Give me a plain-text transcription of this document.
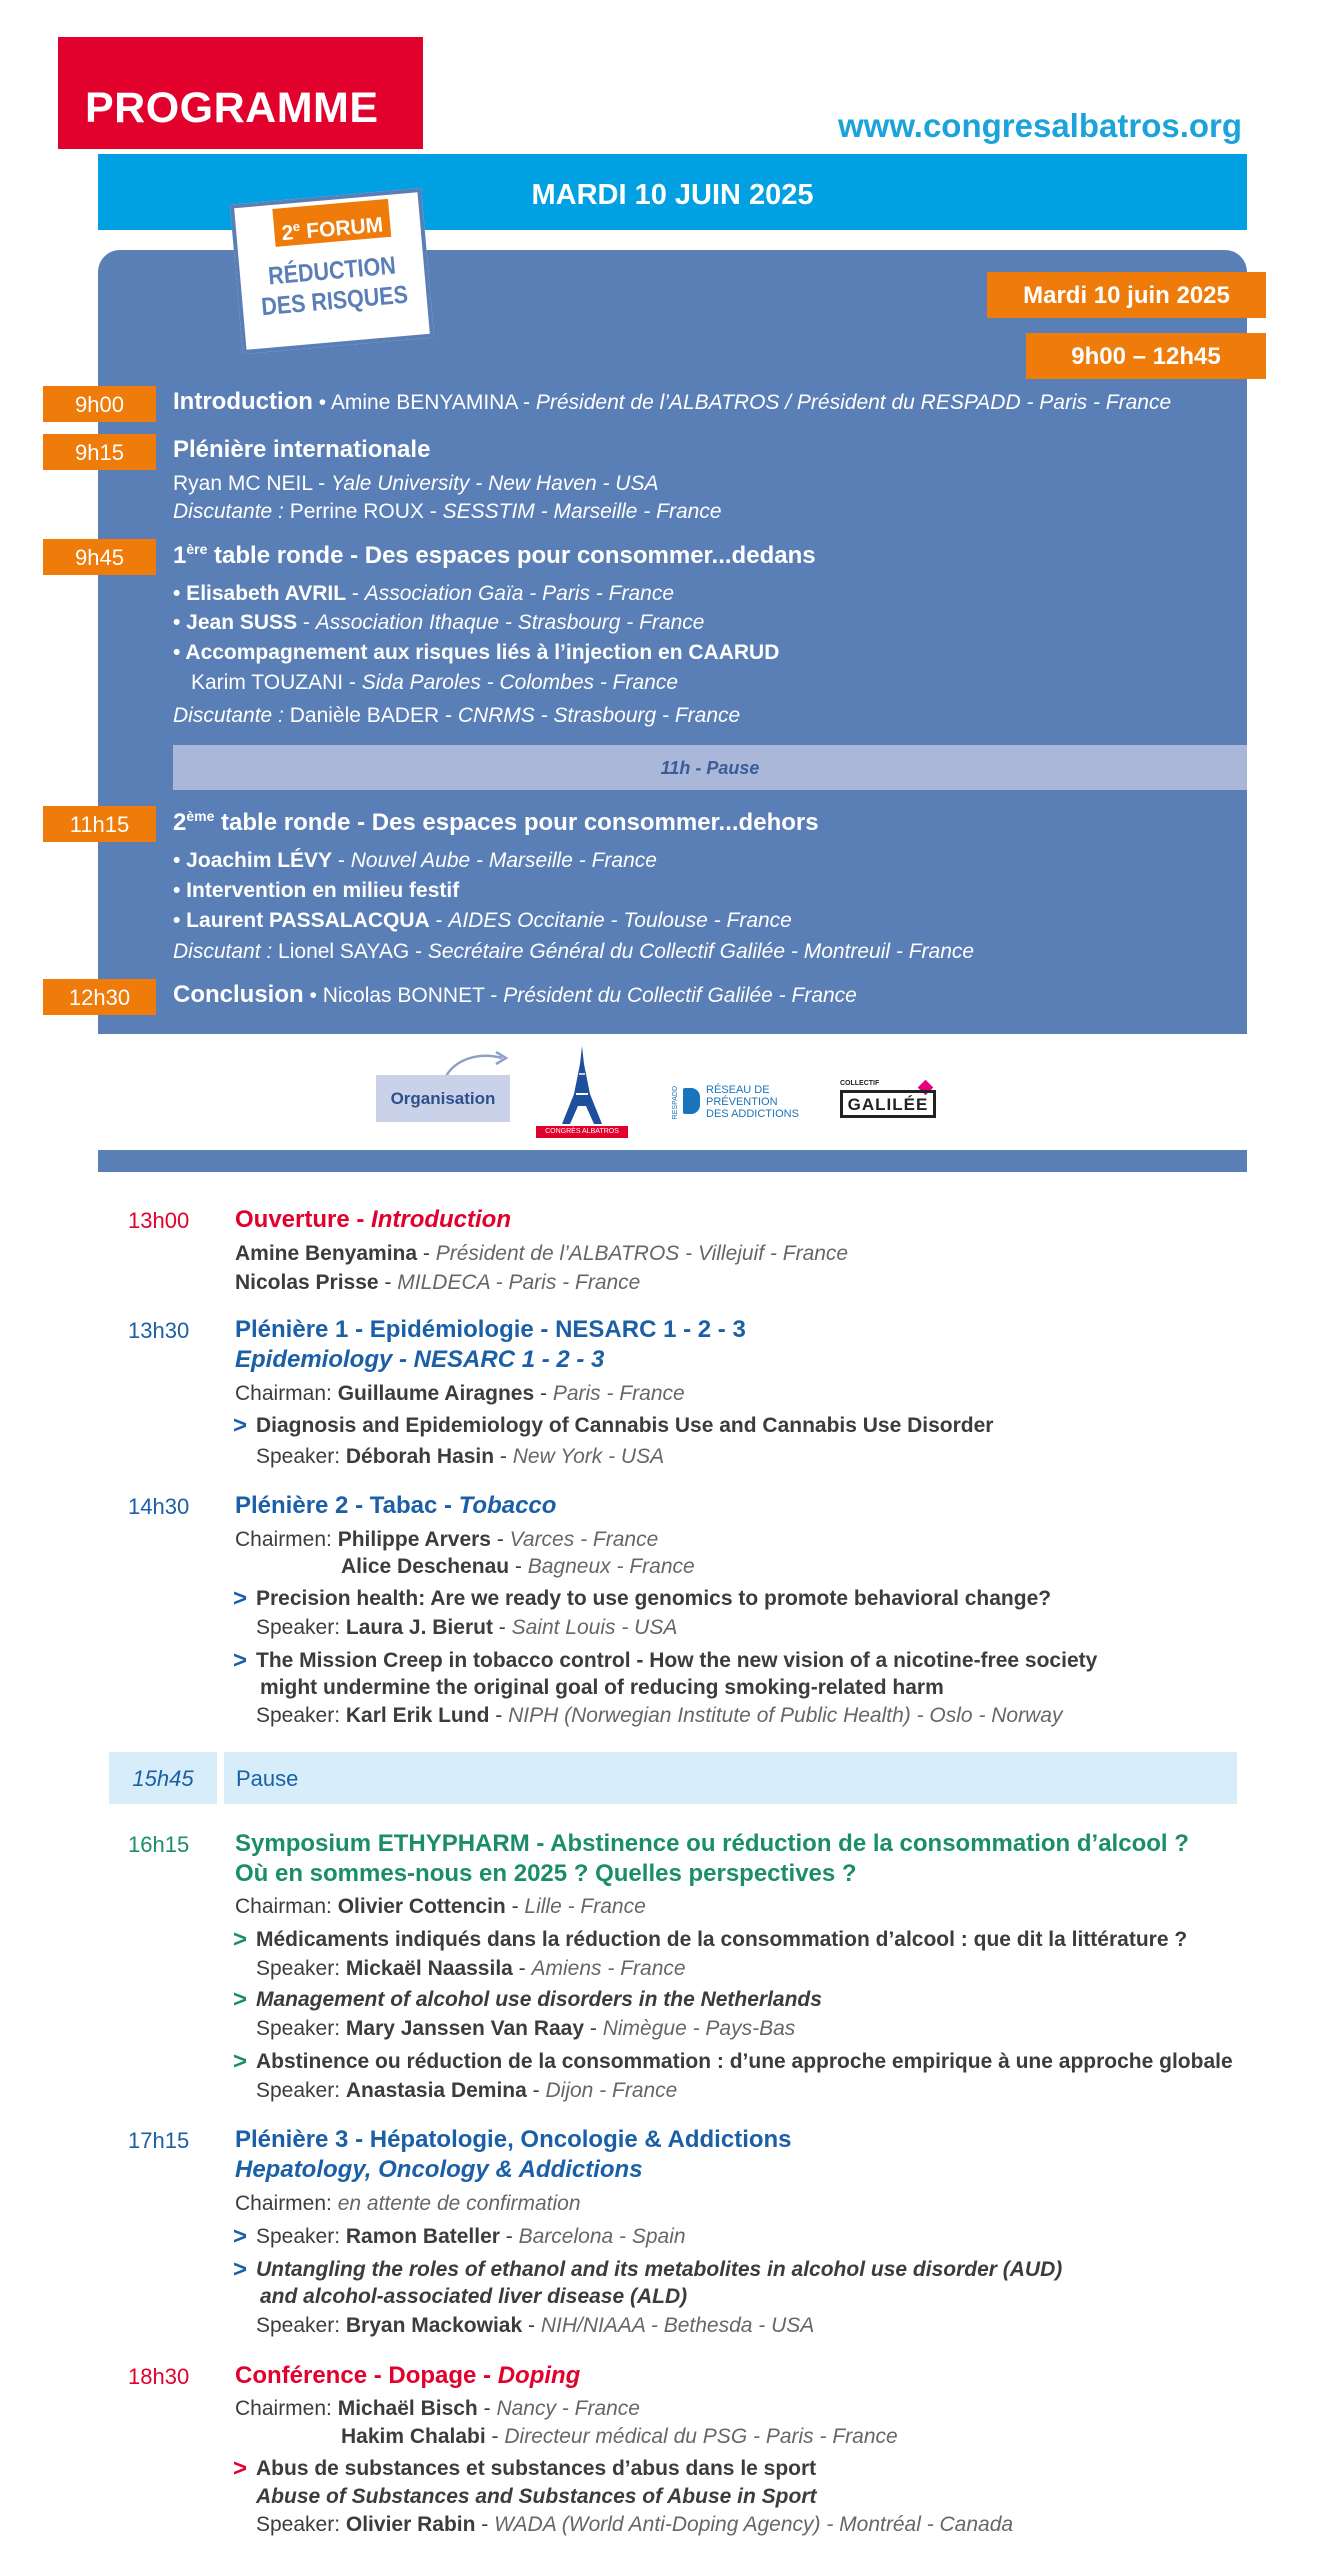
PROGRAMME	www.congresalbatros.org
MARDI 10 JUIN 2025
2e FORUM
RÉDUCTION
DES RISQUES	Mardi 10 juin 2025
9h00 – 12h45
9h00	Introduction • Amine BENYAMINA - Président de l’ALBATROS / Président du RESPADD - Paris - France
9h15	Plénière internationale
Ryan MC NEIL - Yale University - New Haven - USA
Discutante : Perrine ROUX - SESSTIM - Marseille - France
9h45	1ère table ronde - Des espaces pour consommer...dedans
• Elisabeth AVRIL - Association Gaïa - Paris - France
• Jean SUSS - Association Ithaque - Strasbourg - France
• Accompagnement aux risques liés à l’injection en CAARUD
Karim TOUZANI - Sida Paroles - Colombes - France
Discutante : Danièle BADER - CNRMS - Strasbourg - France
11h - Pause
11h15	2ème table ronde - Des espaces pour consommer...dehors
• Joachim LÉVY - Nouvel Aube - Marseille - France
• Intervention en milieu festif
• Laurent PASSALACQUA - AIDES Occitanie - Toulouse - France
Discutant : Lionel SAYAG - Secrétaire Général du Collectif Galilée - Montreuil - France
12h30	Conclusion • Nicolas BONNET - Président du Collectif Galilée - France
Organisation
CONGRÈS ALBATROS
RESPADD RÉSEAU DE
PRÉVENTION
DES ADDICTIONS
COLLECTIF
GALILÉE
13h00 Ouverture - Introduction
Amine Benyamina - Président de l’ALBATROS - Villejuif - France
Nicolas Prisse - MILDECA - Paris - France
13h30 Plénière 1 - Epidémiologie - NESARC 1 - 2 - 3
Epidemiology - NESARC 1 - 2 - 3
Chairman: Guillaume Airagnes - Paris - France
> Diagnosis and Epidemiology of Cannabis Use and Cannabis Use Disorder
Speaker: Déborah Hasin - New York - USA
14h30 Plénière 2 - Tabac - Tobacco
Chairmen: Philippe Arvers - Varces - France
Alice Deschenau - Bagneux - France
> Precision health: Are we ready to use genomics to promote behavioral change?
Speaker: Laura J. Bierut - Saint Louis - USA
> The Mission Creep in tobacco control - How the new vision of a nicotine-free society
might undermine the original goal of reducing smoking-related harm
Speaker: Karl Erik Lund - NIPH (Norwegian Institute of Public Health) - Oslo - Norway
15h45	Pause
16h15 Symposium ETHYPHARM - Abstinence ou réduction de la consommation d’alcool ?
Où en sommes-nous en 2025 ? Quelles perspectives ?
Chairman: Olivier Cottencin - Lille - France
> Médicaments indiqués dans la réduction de la consommation d’alcool : que dit la littérature ?
Speaker: Mickaël Naassila - Amiens - France
> Management of alcohol use disorders in the Netherlands
Speaker: Mary Janssen Van Raay - Nimègue - Pays-Bas
> Abstinence ou réduction de la consommation : d’une approche empirique à une approche globale
Speaker: Anastasia Demina - Dijon - France
17h15 Plénière 3 - Hépatologie, Oncologie & Addictions
Hepatology, Oncology & Addictions
Chairmen: en attente de confirmation
> Speaker: Ramon Bateller - Barcelona - Spain
> Untangling the roles of ethanol and its metabolites in alcohol use disorder (AUD)
and alcohol-associated liver disease (ALD)
Speaker: Bryan Mackowiak - NIH/NIAAA - Bethesda - USA
18h30 Conférence - Dopage - Doping
Chairmen: Michaël Bisch - Nancy - France
Hakim Chalabi - Directeur médical du PSG - Paris - France
> Abus de substances et substances d’abus dans le sport
Abuse of Substances and Substances of Abuse in Sport
Speaker: Olivier Rabin - WADA (World Anti-Doping Agency) - Montréal - Canada
